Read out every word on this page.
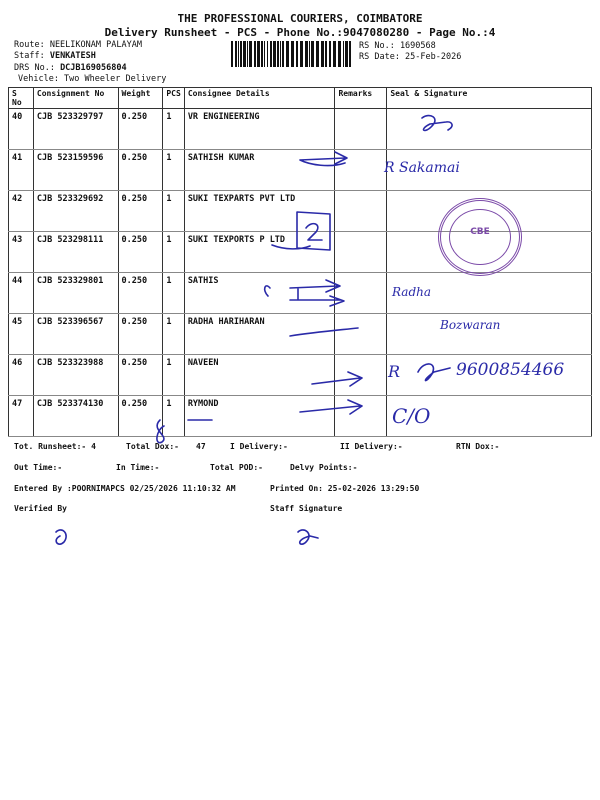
THE PROFESSIONAL COURIERS, COIMBATORE
Delivery Runsheet - PCS - Phone No.:9047080280 - Page No.:4
Route: NEELIKONAM PALAYAM
Staff: VENKATESH
DRS No.: DCJB169056804
Vehicle: Two Wheeler Delivery
RS No.: 1690568
RS Date: 25-Feb-2026
S No	Consignment No	Weight	PCS	Consignee Details	Remarks	Seal & Signature
40	CJB 523329797	0.250	1	VR ENGINEERING		
41	CJB 523159596	0.250	1	SATHISH KUMAR		
42	CJB 523329692	0.250	1	SUKI TEXPARTS PVT LTD		
43	CJB 523298111	0.250	1	SUKI TEXPORTS P LTD		
44	CJB 523329801	0.250	1	SATHIS		
45	CJB 523396567	0.250	1	RADHA HARIHARAN		
46	CJB 523323988	0.250	1	NAVEEN		
47	CJB 523374130	0.250	1	RYMOND		
CBE
R Sakamai
Radha
Bozwaran
R	9600854466
C/O
Tot. Runsheet:- 4	Total Dox:- 47	I Delivery:-	II Delivery:-	RTN Dox:-
Out Time:-	In Time:-	Total POD:-	Delvy Points:-
Entered By :POORNIMAPCS 02/25/2026 11:10:32 AM	Printed On: 25-02-2026 13:29:50
Verified By	Staff Signature
